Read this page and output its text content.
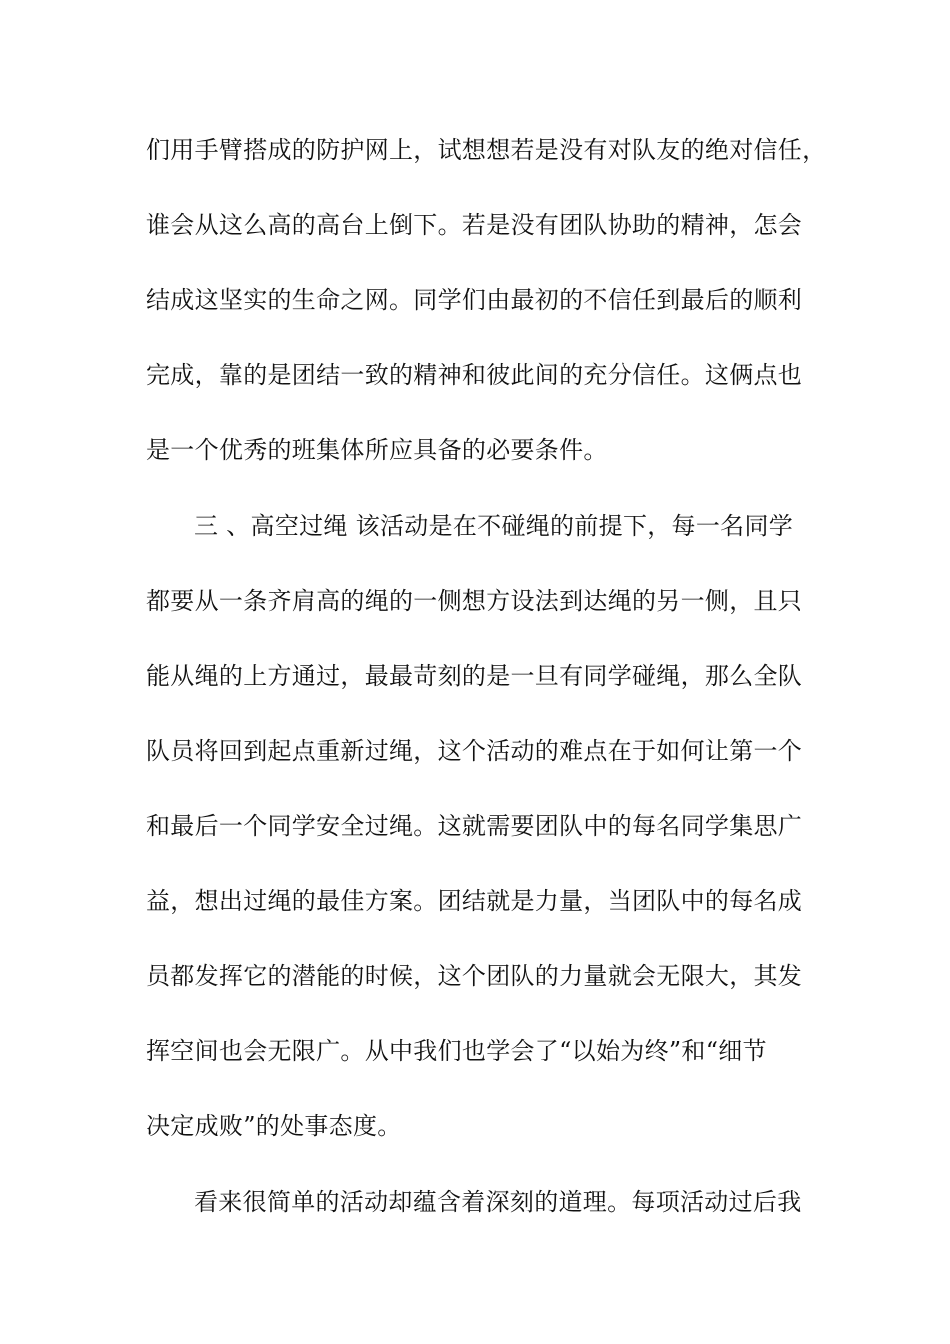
们用手臂搭成的防护网上，试想想若是没有对队友的绝对信任，
谁会从这么高的高台上倒下。若是没有团队协助的精神，怎会
结成这坚实的生命之网。同学们由最初的不信任到最后的顺利
完成，靠的是团结一致的精神和彼此间的充分信任。这俩点也
是一个优秀的班集体所应具备的必要条件。
三 、高空过绳 该活动是在不碰绳的前提下，每一名同学
都要从一条齐肩高的绳的一侧想方设法到达绳的另一侧，且只
能从绳的上方通过，最最苛刻的是一旦有同学碰绳，那么全队
队员将回到起点重新过绳，这个活动的难点在于如何让第一个
和最后一个同学安全过绳。这就需要团队中的每名同学集思广
益，想出过绳的最佳方案。团结就是力量，当团队中的每名成
员都发挥它的潜能的时候，这个团队的力量就会无限大，其发
挥空间也会无限广。从中我们也学会了“以始为终”和“细节
决定成败”的处事态度。
看来很简单的活动却蕴含着深刻的道理。每项活动过后我
